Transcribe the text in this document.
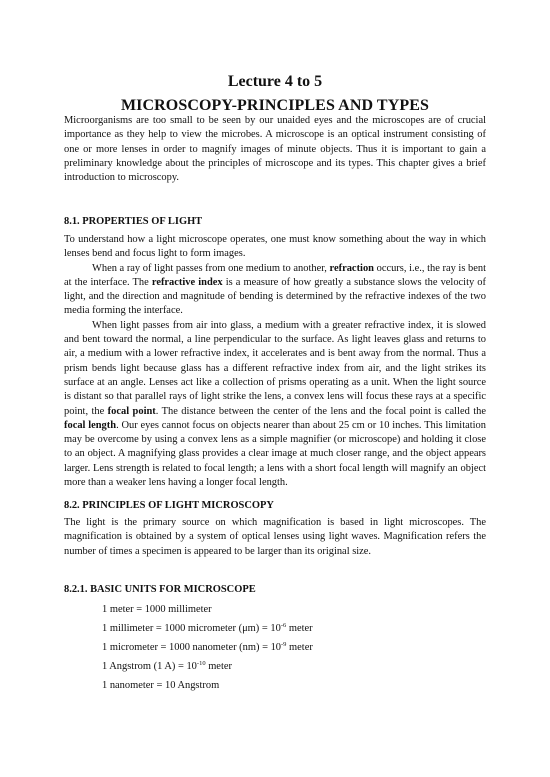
Lecture 4 to 5
MICROSCOPY-PRINCIPLES AND TYPES

Microorganisms are too small to be seen by our unaided eyes and the microscopes are of crucial importance as they help to view the microbes. A microscope is an optical instrument consisting of one or more lenses in order to magnify images of minute objects. Thus it is important to gain a preliminary knowledge about the principles of microscope and its types. This chapter gives a brief introduction to microscopy.

8.1. PROPERTIES OF LIGHT

To understand how a light microscope operates, one must know something about the way in which lenses bend and focus light to form images.

When a ray of light passes from one medium to another, refraction occurs, i.e., the ray is bent at the interface. The refractive index is a measure of how greatly a substance slows the velocity of light, and the direction and magnitude of bending is determined by the refractive indexes of the two media forming the interface.

When light passes from air into glass, a medium with a greater refractive index, it is slowed and bent toward the normal, a line perpendicular to the surface. As light leaves glass and returns to air, a medium with a lower refractive index, it accelerates and is bent away from the normal. Thus a prism bends light because glass has a different refractive index from air, and the light strikes its surface at an angle. Lenses act like a collection of prisms operating as a unit. When the light source is distant so that parallel rays of light strike the lens, a convex lens will focus these rays at a specific point, the focal point. The distance between the center of the lens and the focal point is called the focal length. Our eyes cannot focus on objects nearer than about 25 cm or 10 inches. This limitation may be overcome by using a convex lens as a simple magnifier (or microscope) and holding it close to an object. A magnifying glass provides a clear image at much closer range, and the object appears larger. Lens strength is related to focal length; a lens with a short focal length will magnify an object more than a weaker lens having a longer focal length.

8.2. PRINCIPLES OF LIGHT MICROSCOPY

The light is the primary source on which magnification is based in light microscopes. The magnification is obtained by a system of optical lenses using light waves. Magnification refers the number of times a specimen is appeared to be larger than its original size.

8.2.1. BASIC UNITS FOR MICROSCOPE

1 meter = 1000 millimeter
1 millimeter = 1000 micrometer $(\mu m) = 10^{-6}$ meter
1 micrometer = 1000 nanometer $(nm) = 10^{-9}$ meter
1 Angstrom (1 $A) = 10^{-10}$ meter
1 nanometer = 10 Angstrom
